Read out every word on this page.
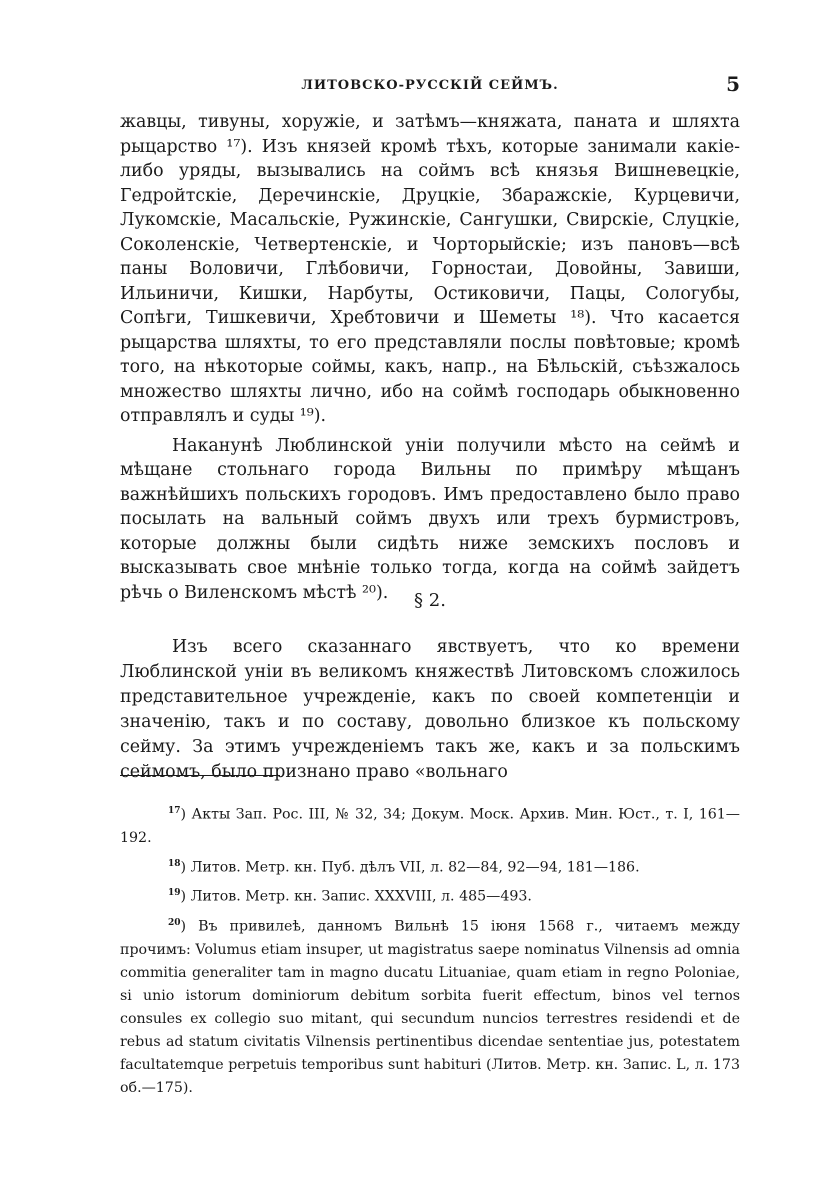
ЛИТОВСКО-РУССКІЙ СЕЙМЪ.	5

жавцы, тивуны, хоружіе, и затѣмъ—княжата, паната и шляхта рыцарство ¹⁷). Изъ князей кромѣ тѣхъ, которые занимали какіе-либо уряды, вызывались на соймъ всѣ князья Вишневецкіе, Гедройтскіе, Деречинскіе, Друцкіе, Збаражскіе, Курцевичи, Лукомскіе, Масальскіе, Ружинскіе, Сангушки, Свирскіе, Слуцкіе, Соколенскіе, Четвертенскіе, и Чорторыйскіе; изъ пановъ—всѣ паны Воловичи, Глѣбовичи, Горностаи, Довойны, Завиши, Ильиничи, Кишки, Нарбуты, Остиковичи, Пацы, Сологубы, Сопѣги, Тишкевичи, Хребтовичи и Шеметы ¹⁸). Что касается рыцарства шляхты, то его представляли послы повѣтовые; кромѣ того, на нѣкоторые соймы, какъ, напр., на Бѣльскій, съѣзжалось множество шляхты лично, ибо на соймѣ господарь обыкновенно отправлялъ и суды ¹⁹).

Наканунѣ Люблинской уніи получили мѣсто на сеймѣ и мѣщане стольнаго города Вильны по примѣру мѣщанъ важнѣйшихъ польскихъ городовъ. Имъ предоставлено было право посылать на вальный соймъ двухъ или трехъ бурмистровъ, которые должны были сидѣть ниже земскихъ пословъ и высказывать свое мнѣніе только тогда, когда на соймѣ зайдетъ рѣчь о Виленскомъ мѣстѣ ²⁰).	§ 2.

Изъ всего сказаннаго явствуетъ, что ко времени Люблинской уніи въ великомъ княжествѣ Литовскомъ сложилось представительное учрежденіе, какъ по своей компетенціи и значенію, такъ и по составу, довольно близкое къ польскому сейму. За этимъ учрежденіемъ такъ же, какъ и за польскимъ сеймомъ, было признано право «вольнаго

$^{17}$) Акты Зап. Рос. III, № 32, 34; Докум. Моск. Архив. Мин. Юст., т. I, 161—192.

$^{18}$) Литов. Метр. кн. Пуб. дѣлъ VII, л. 82—84, 92—94, 181—186.

$^{19}$) Литов. Метр. кн. Запис. XXXVIII, л. 485—493.

$^{20}$) Въ привилеѣ, данномъ Вильнѣ 15 іюня 1568 г., читаемъ между прочимъ: Volumus etiam insuper, ut magistratus saepe nominatus Vilnensis ad omnia commitia generaliter tam in magno ducatu Lituaniae, quam etiam in regno Poloniae, si unio istorum dominiorum debitum sorbita fuerit effectum, binos vel ternos consules ex collegio suo mitant, qui secundum nuncios terrestres residendi et de rebus ad statum civitatis Vilnensis pertinentibus dicendae sententiae jus, potestatem facultatemque perpetuis temporibus sunt habituri (Литов. Метр. кн. Запис. L, л. 173 об.—175).
